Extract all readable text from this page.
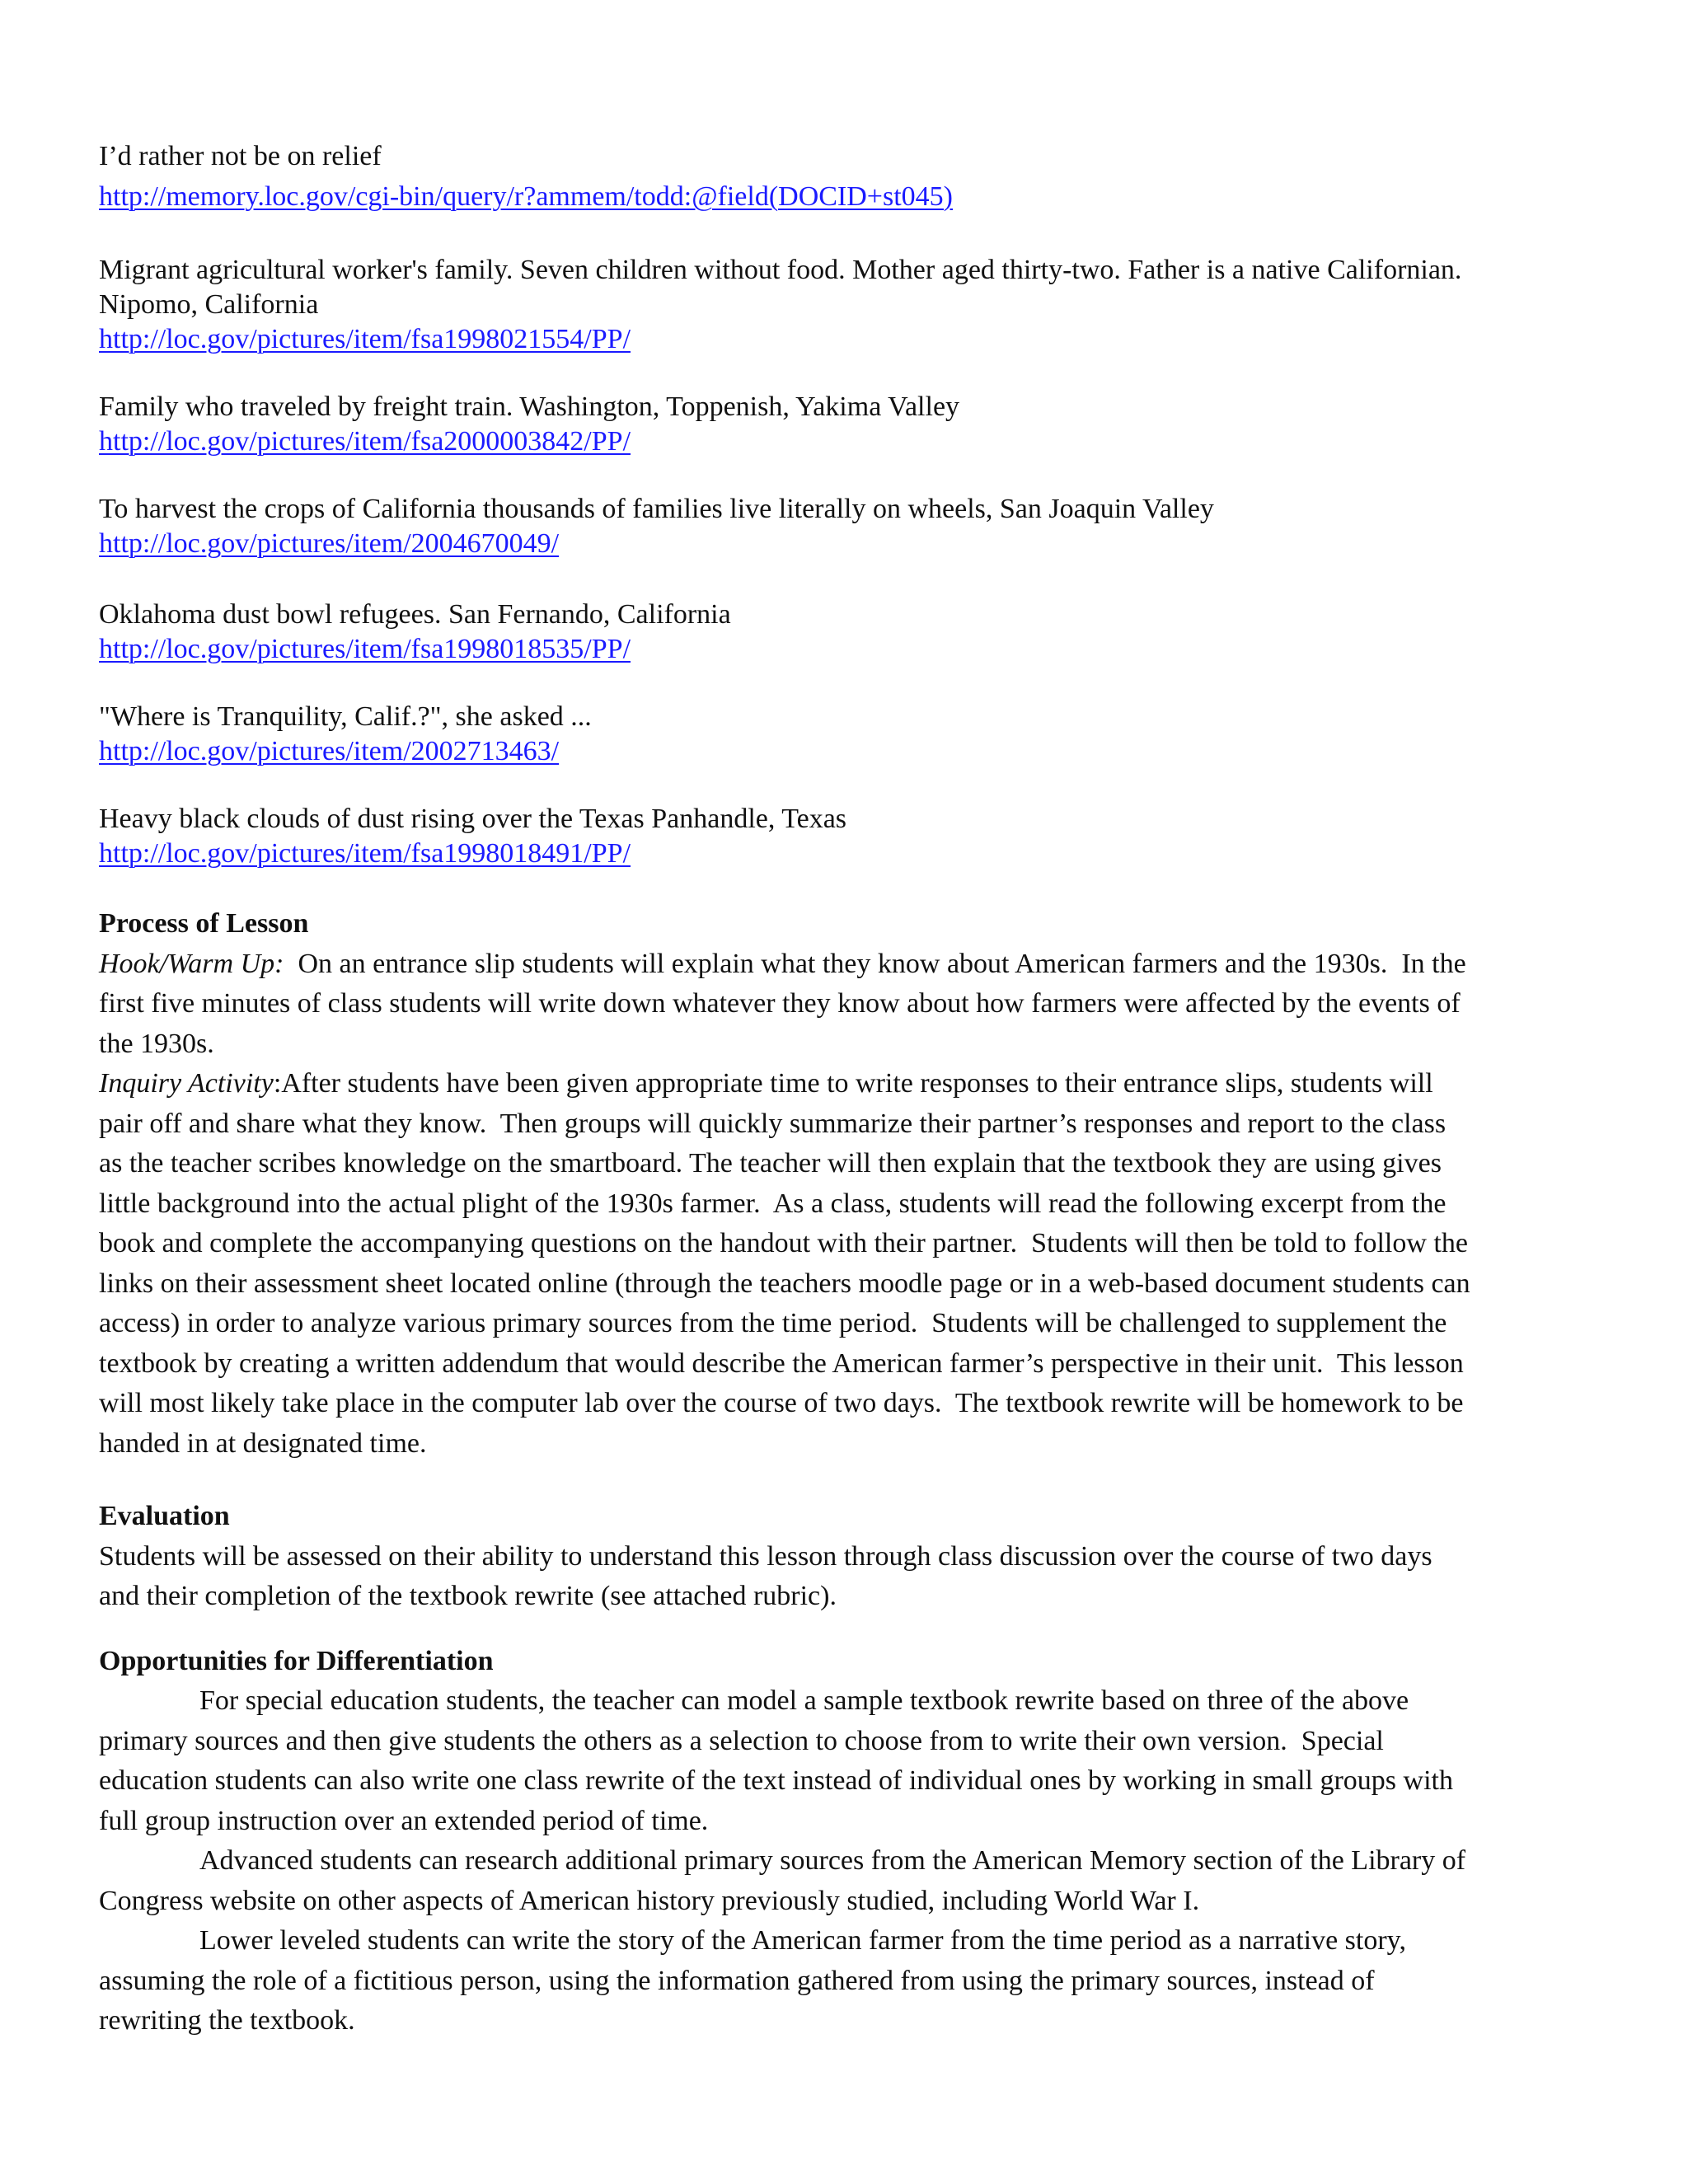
I’d rather not be on relief
http://memory.loc.gov/cgi-bin/query/r?ammem/todd:@field(DOCID+st045)
Migrant agricultural worker's family. Seven children without food. Mother aged thirty-two. Father is a native Californian.
Nipomo, California
http://loc.gov/pictures/item/fsa1998021554/PP/
Family who traveled by freight train. Washington, Toppenish, Yakima Valley
http://loc.gov/pictures/item/fsa2000003842/PP/
To harvest the crops of California thousands of families live literally on wheels, San Joaquin Valley
http://loc.gov/pictures/item/2004670049/
Oklahoma dust bowl refugees. San Fernando, California
http://loc.gov/pictures/item/fsa1998018535/PP/
"Where is Tranquility, Calif.?", she asked ...
http://loc.gov/pictures/item/2002713463/
Heavy black clouds of dust rising over the Texas Panhandle, Texas
http://loc.gov/pictures/item/fsa1998018491/PP/
Process of Lesson
Hook/Warm Up:  On an entrance slip students will explain what they know about American farmers and the 1930s.  In the
first five minutes of class students will write down whatever they know about how farmers were affected by the events of
the 1930s.
Inquiry Activity:After students have been given appropriate time to write responses to their entrance slips, students will
pair off and share what they know.  Then groups will quickly summarize their partner’s responses and report to the class
as the teacher scribes knowledge on the smartboard. The teacher will then explain that the textbook they are using gives
little background into the actual plight of the 1930s farmer.  As a class, students will read the following excerpt from the
book and complete the accompanying questions on the handout with their partner.  Students will then be told to follow the
links on their assessment sheet located online (through the teachers moodle page or in a web-based document students can
access) in order to analyze various primary sources from the time period.  Students will be challenged to supplement the
textbook by creating a written addendum that would describe the American farmer’s perspective in their unit.  This lesson
will most likely take place in the computer lab over the course of two days.  The textbook rewrite will be homework to be
handed in at designated time.
Evaluation
Students will be assessed on their ability to understand this lesson through class discussion over the course of two days
and their completion of the textbook rewrite (see attached rubric).
Opportunities for Differentiation
For special education students, the teacher can model a sample textbook rewrite based on three of the above
primary sources and then give students the others as a selection to choose from to write their own version.  Special
education students can also write one class rewrite of the text instead of individual ones by working in small groups with
full group instruction over an extended period of time.
Advanced students can research additional primary sources from the American Memory section of the Library of
Congress website on other aspects of American history previously studied, including World War I.
Lower leveled students can write the story of the American farmer from the time period as a narrative story,
assuming the role of a fictitious person, using the information gathered from using the primary sources, instead of
rewriting the textbook.
